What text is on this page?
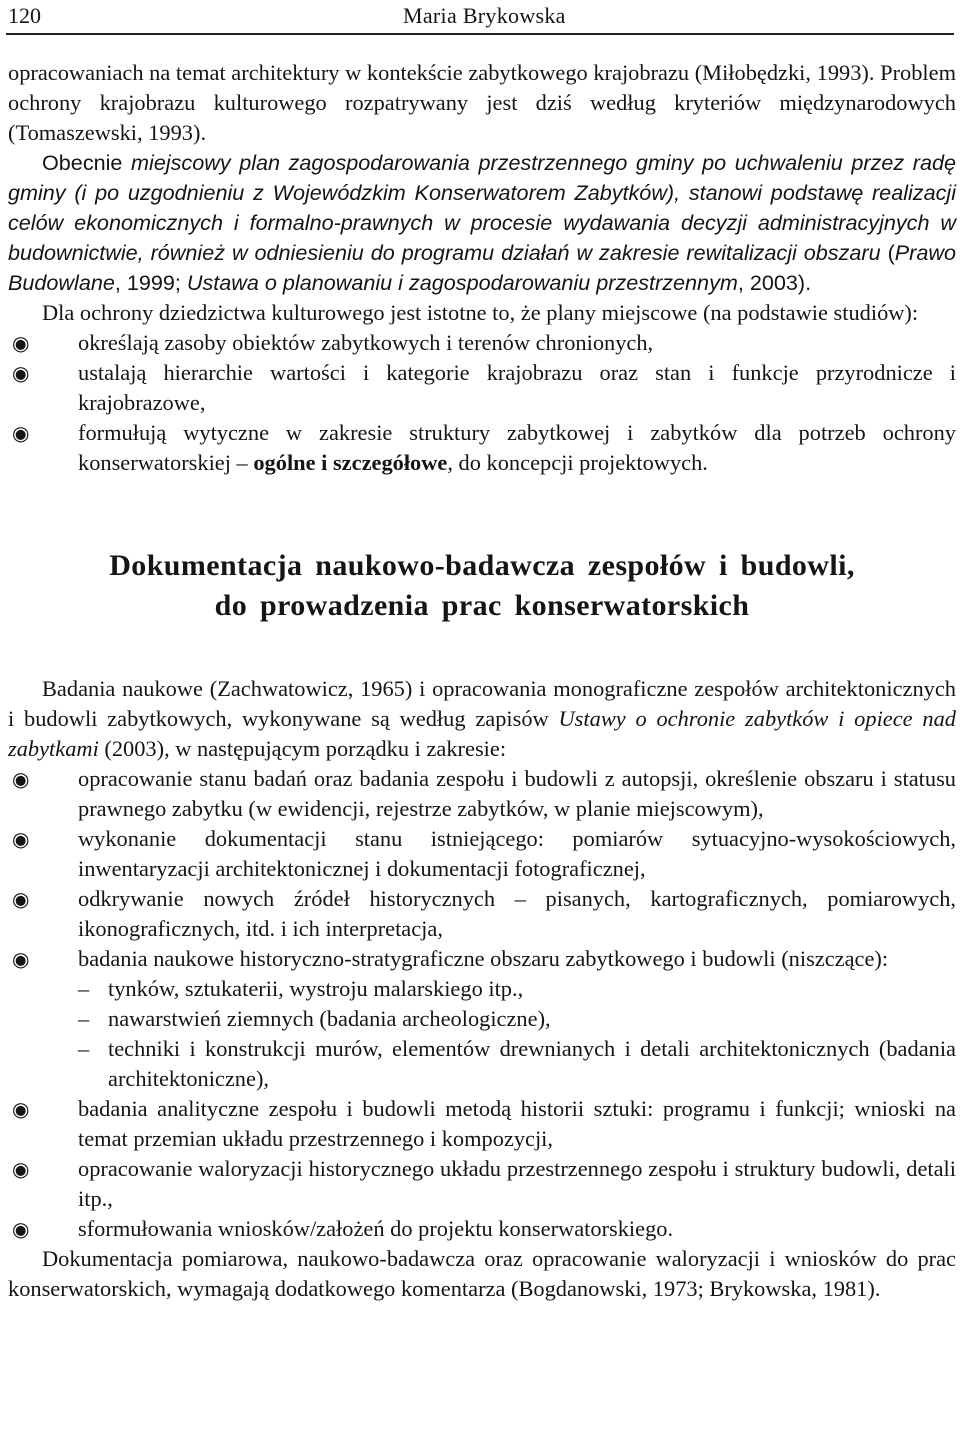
120	Maria Brykowska

opracowaniach na temat architektury w kontekście zabytkowego krajobrazu (Miłobędzki, 1993). Problem ochrony krajobrazu kulturowego rozpatrywany jest dziś według kryteriów międzynarodowych (Tomaszewski, 1993).

Obecnie miejscowy plan zagospodarowania przestrzennego gminy po uchwaleniu przez radę gminy (i po uzgodnieniu z Wojewódzkim Konserwatorem Zabytków), stanowi podstawę realizacji celów ekonomicznych i formalno-prawnych w procesie wydawania decyzji administracyjnych w budownictwie, również w odniesieniu do programu działań w zakresie rewitalizacji obszaru (Prawo Budowlane, 1999; Ustawa o planowaniu i zagospodarowaniu przestrzennym, 2003).

Dla ochrony dziedzictwa kulturowego jest istotne to, że plany miejscowe (na podstawie studiów):

◉ określają zasoby obiektów zabytkowych i terenów chronionych,
◉ ustalają hierarchie wartości i kategorie krajobrazu oraz stan i funkcje przyrodnicze i krajobrazowe,
◉ formułują wytyczne w zakresie struktury zabytkowej i zabytków dla potrzeb ochrony konserwatorskiej – ogólne i szczegółowe, do koncepcji projektowych.
Dokumentacja naukowo-badawcza zespołów i budowli,
do prowadzenia prac konserwatorskich

Badania naukowe (Zachwatowicz, 1965) i opracowania monograficzne zespołów architektonicznych i budowli zabytkowych, wykonywane są według zapisów Ustawy o ochronie zabytków i opiece nad zabytkami (2003), w następującym porządku i zakresie:

◉ opracowanie stanu badań oraz badania zespołu i budowli z autopsji, określenie obszaru i statusu prawnego zabytku (w ewidencji, rejestrze zabytków, w planie miejscowym),
◉ wykonanie dokumentacji stanu istniejącego: pomiarów sytuacyjno-wysokościowych, inwentaryzacji architektonicznej i dokumentacji fotograficznej,
◉ odkrywanie nowych źródeł historycznych – pisanych, kartograficznych, pomiarowych, ikonograficznych, itd. i ich interpretacja,
◉ badania naukowe historyczno-stratygraficzne obszaru zabytkowego i budowli (niszczące):
– tynków, sztukaterii, wystroju malarskiego itp.,
– nawarstwień ziemnych (badania archeologiczne),
– techniki i konstrukcji murów, elementów drewnianych i detali architektonicznych (badania architektoniczne),
◉ badania analityczne zespołu i budowli metodą historii sztuki: programu i funkcji; wnioski na temat przemian układu przestrzennego i kompozycji,
◉ opracowanie waloryzacji historycznego układu przestrzennego zespołu i struktury budowli, detali itp.,
◉ sformułowania wniosków/założeń do projektu konserwatorskiego.

Dokumentacja pomiarowa, naukowo-badawcza oraz opracowanie waloryzacji i wniosków do prac konserwatorskich, wymagają dodatkowego komentarza (Bogdanowski, 1973; Brykowska, 1981).
